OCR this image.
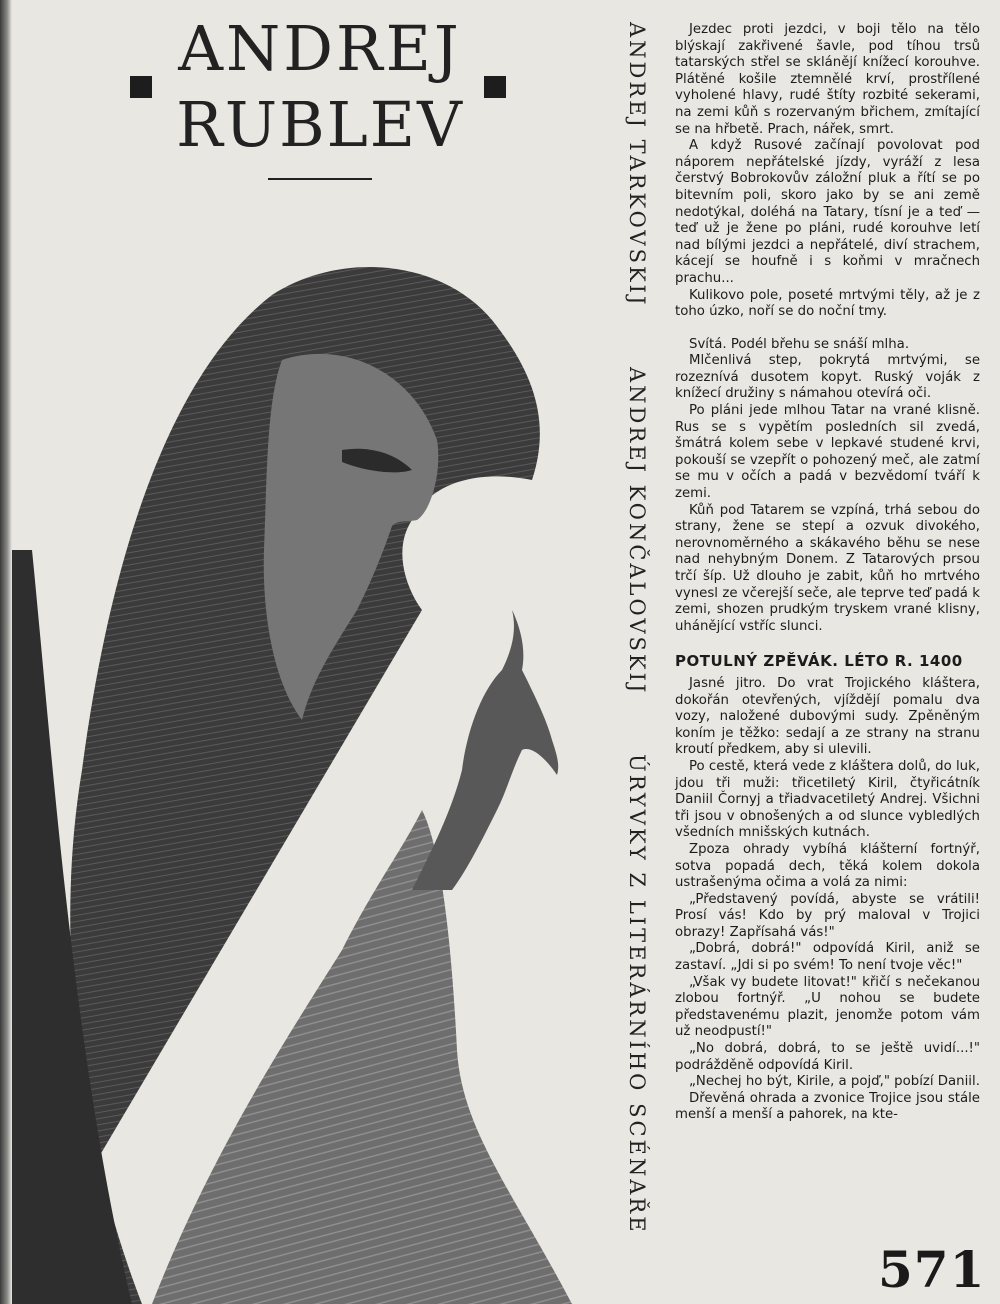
ANDREJ
RUBLEV	ANDREJ TARKOVSKIJ
ANDREJ KONČALOVSKIJ
ÚRYVKY Z LITERÁRNÍHO SCÉNAŘE

Jezdec proti jezdci, v boji tělo na tělo blýskají zakřivené šavle, pod tíhou trsů tatarských střel se sklánějí knížecí korouhve. Plátěné košile ztemnělé krví, prostřílené vyholené hlavy, rudé štíty rozbité sekerami, na zemi kůň s rozervaným břichem, zmítající se na hřbetě. Prach, nářek, smrt.

A když Rusové začínají povolovat pod náporem nepřátelské jízdy, vyráží z lesa čerstvý Bobrokovův záložní pluk a řítí se po bitevním poli, skoro jako by se ani země nedotýkal, doléhá na Tatary, tísní je a teď — teď už je žene po pláni, rudé korouhve letí nad bílými jezdci a nepřátelé, diví strachem, kácejí se houfně i s koňmi v mračnech prachu...

Kulikovo pole, poseté mrtvými těly, až je z toho úzko, noří se do noční tmy.

Svítá. Podél břehu se snáší mlha.

Mlčenlivá step, pokrytá mrtvými, se rozeznívá dusotem kopyt. Ruský voják z knížecí družiny s námahou otevírá oči.

Po pláni jede mlhou Tatar na vrané klisně. Rus se s vypětím posledních sil zvedá, šmátrá kolem sebe v lepkavé studené krvi, pokouší se vzepřít o pohozený meč, ale zatmí se mu v očích a padá v bezvědomí tváří k zemi.

Kůň pod Tatarem se vzpíná, trhá sebou do strany, žene se stepí a ozvuk divokého, nerovnoměrného a skákavého běhu se nese nad nehybným Donem. Z Tatarových prsou trčí šíp. Už dlouho je zabit, kůň ho mrtvého vynesl ze včerejší seče, ale teprve teď padá k zemi, shozen prudkým tryskem vrané klisny, uhánějící vstříc slunci.

POTULNÝ ZPĚVÁK. LÉTO R. 1400

Jasné jitro. Do vrat Trojického kláštera, dokořán otevřených, vjíždějí pomalu dva vozy, naložené dubovými sudy. Zpěněným koním je těžko: sedají a ze strany na stranu kroutí předkem, aby si ulevili.

Po cestě, která vede z kláštera dolů, do luk, jdou tři muži: třicetiletý Kiril, čtyřicátník Daniil Čornyj a třiadvacetiletý Andrej. Všichni tři jsou v obnošených a od slunce vybledlých všedních mnišských kutnách.

Zpoza ohrady vybíhá klášterní fortnýř, sotva popadá dech, těká kolem dokola ustrašenýma očima a volá za nimi:

„Představený povídá, abyste se vrátili! Prosí vás! Kdo by prý maloval v Trojici obrazy! Zapřísahá vás!"

„Dobrá, dobrá!" odpovídá Kiril, aniž se zastaví. „Jdi si po svém! To není tvoje věc!"

„Však vy budete litovat!" křičí s nečekanou zlobou fortnýř. „U nohou se budete představenému plazit, jenomže potom vám už neodpustí!"

„No dobrá, dobrá, to se ještě uvidí...!" podrážděně odpovídá Kiril.

„Nechej ho být, Kirile, a pojď," pobízí Daniil.

Dřevěná ohrada a zvonice Trojice jsou stále menší a menší a pahorek, na kte-

571
